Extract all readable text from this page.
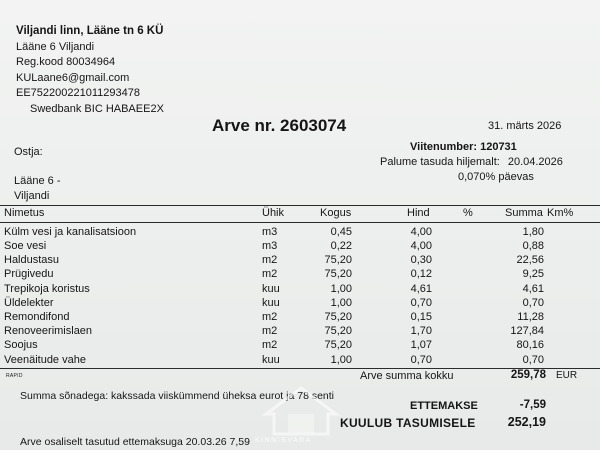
Viljandi linn, Lääne tn 6 KÜ
Lääne 6 Viljandi
Reg.kood 80034964
KULaane6@gmail.com
EE752200221011293478
Swedbank BIC HABAEE2X
Arve nr. 2603074	31. märts 2026
Ostja:
Lääne 6 -
Viljandi
Viitenumber: 120731
Palume tasuda hiljemalt: 20.04.2026
0,070% päevas
Nimetus	Ühik	Kogus	Hind	%	Summa Km%
Külm vesi ja kanalisatsioon	m3	0,45	4,00	1,80
Soe vesi	m3	0,22	4,00	0,88
Haldustasu	m2	75,20	0,30	22,56
Prügivedu	m2	75,20	0,12	9,25
Trepikoja koristus	kuu	1,00	4,61	4,61
Üldelekter	kuu	1,00	0,70	0,70
Remondifond	m2	75,20	0,15	11,28
Renoveerimislaen	m2	75,20	1,70	127,84
Soojus	m2	75,20	1,07	80,16
Veenäitude vahe	kuu	1,00	0,70	0,70
RAPID	Arve summa kokku	259,78 EUR
Summa sõnadega: kakssada viiskümmend üheksa eurot ja 78 senti
ETTEMAKSE	-7,59
KUULUB TASUMISELE	252,19
Arve osaliselt tasutud ettemaksuga 20.03.26 7,59 KINNISVARA
